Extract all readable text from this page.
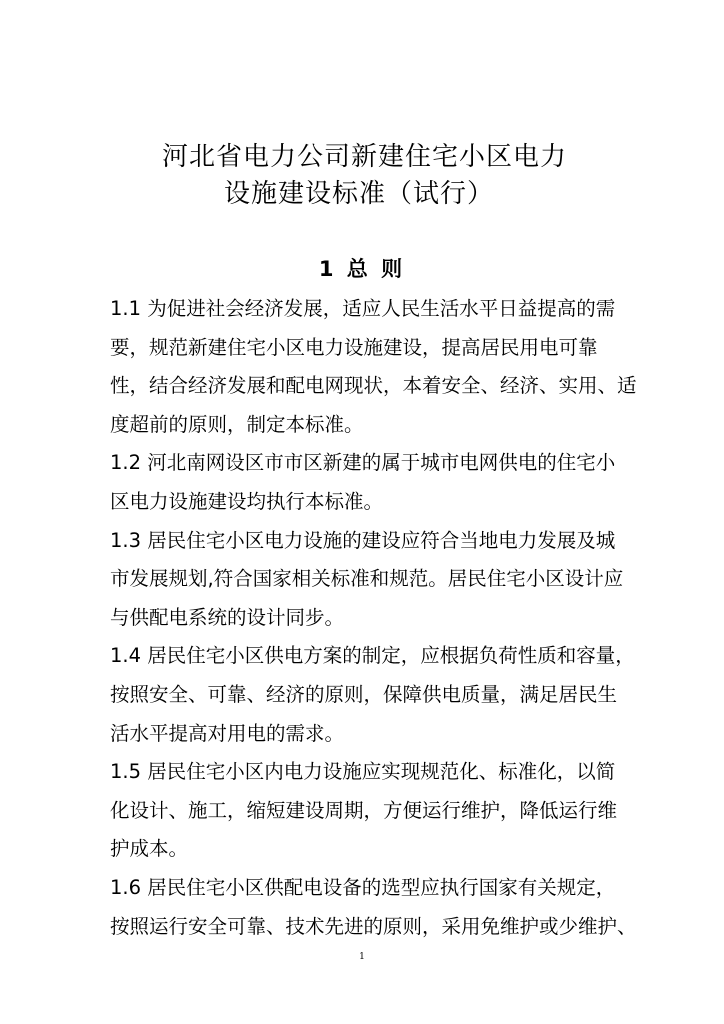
河北省电力公司新建住宅小区电力
设施建设标准（试行）
1 总 则
1.1 为促进社会经济发展，适应人民生活水平日益提高的需
要，规范新建住宅小区电力设施建设，提高居民用电可靠
性，结合经济发展和配电网现状，本着安全、经济、实用、适
度超前的原则，制定本标准。
1.2 河北南网设区市市区新建的属于城市电网供电的住宅小
区电力设施建设均执行本标准。
1.3 居民住宅小区电力设施的建设应符合当地电力发展及城
市发展规划,符合国家相关标准和规范。居民住宅小区设计应
与供配电系统的设计同步。
1.4 居民住宅小区供电方案的制定，应根据负荷性质和容量，
按照安全、可靠、经济的原则，保障供电质量，满足居民生
活水平提高对用电的需求。
1.5 居民住宅小区内电力设施应实现规范化、标准化，以简
化设计、施工，缩短建设周期，方便运行维护，降低运行维
护成本。
1.6 居民住宅小区供配电设备的选型应执行国家有关规定，
按照运行安全可靠、技术先进的原则，采用免维护或少维护、
1
